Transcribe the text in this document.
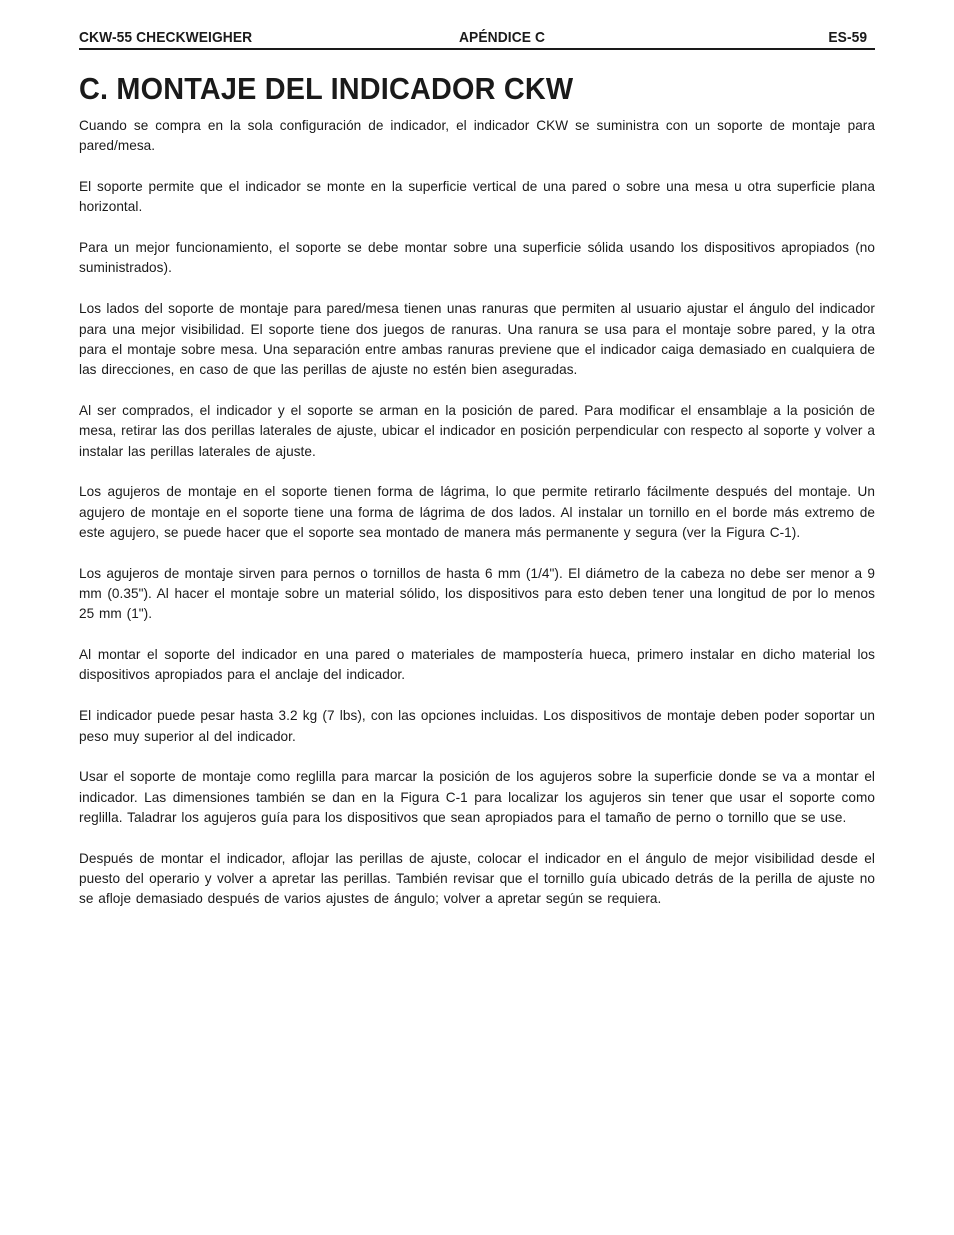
CKW-55 CHECKWEIGHER	APÉNDICE C	ES-59
C. MONTAJE DEL INDICADOR CKW

Cuando se compra en la sola configuración de indicador, el indicador CKW se suministra con un soporte de montaje para pared/mesa.

El soporte permite que el indicador se monte en la superficie vertical de una pared o sobre una mesa u otra superficie plana horizontal.

Para un mejor funcionamiento, el soporte se debe montar sobre una superficie sólida usando los dispositivos apropiados (no suministrados).

Los lados del soporte de montaje para pared/mesa tienen unas ranuras que permiten al usuario ajustar el ángulo del indicador para una mejor visibilidad. El soporte tiene dos juegos de ranuras. Una ranura se usa para el montaje sobre pared, y la otra para el montaje sobre mesa. Una separación entre ambas ranuras previene que el indicador caiga demasiado en cualquiera de las direcciones, en caso de que las perillas de ajuste no estén bien aseguradas.

Al ser comprados, el indicador y el soporte se arman en la posición de pared. Para modificar el ensamblaje a la posición de mesa, retirar las dos perillas laterales de ajuste, ubicar el indicador en posición perpendicular con respecto al soporte y volver a instalar las perillas laterales de ajuste.

Los agujeros de montaje en el soporte tienen forma de lágrima, lo que permite retirarlo fácilmente después del montaje. Un agujero de montaje en el soporte tiene una forma de lágrima de dos lados. Al instalar un tornillo en el borde más extremo de este agujero, se puede hacer que el soporte sea montado de manera más permanente y segura (ver la Figura C-1).

Los agujeros de montaje sirven para pernos o tornillos de hasta 6 mm (1/4"). El diámetro de la cabeza no debe ser menor a 9 mm (0.35"). Al hacer el montaje sobre un material sólido, los dispositivos para esto deben tener una longitud de por lo menos 25 mm (1").

Al montar el soporte del indicador en una pared o materiales de mampostería hueca, primero instalar en dicho material los dispositivos apropiados para el anclaje del indicador.

El indicador puede pesar hasta 3.2 kg (7 lbs), con las opciones incluidas. Los dispositivos de montaje deben poder soportar un peso muy superior al del indicador.

Usar el soporte de montaje como reglilla para marcar la posición de los agujeros sobre la superficie donde se va a montar el indicador. Las dimensiones también se dan en la Figura C-1 para localizar los agujeros sin tener que usar el soporte como reglilla. Taladrar los agujeros guía para los dispositivos que sean apropiados para el tamaño de perno o tornillo que se use.

Después de montar el indicador, aflojar las perillas de ajuste, colocar el indicador en el ángulo de mejor visibilidad desde el puesto del operario y volver a apretar las perillas. También revisar que el tornillo guía ubicado detrás de la perilla de ajuste no se afloje demasiado después de varios ajustes de ángulo; volver a apretar según se requiera.
